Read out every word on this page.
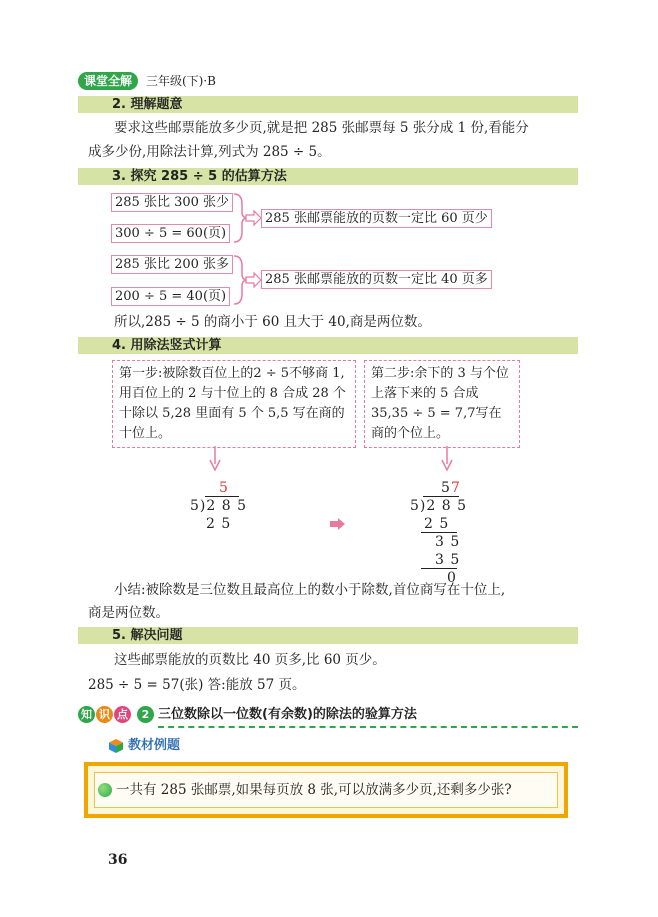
课堂全解	三年级(下)·B
2. 理解题意
要求这些邮票能放多少页,就是把 285 张邮票每 5 张分成 1 份,看能分
成多少份,用除法计算,列式为 285 ÷ 5。
3. 探究 285 ÷ 5 的估算方法
285 张比 300 张少
300 ÷ 5 = 60(页)
285 张邮票能放的页数一定比 60 页少
285 张比 200 张多
200 ÷ 5 = 40(页)
285 张邮票能放的页数一定比 40 页多
所以,285 ÷ 5 的商小于 60 且大于 40,商是两位数。
4. 用除法竖式计算
第一步:被除数百位上的2 ÷ 5不够商 1,用百位上的 2 与十位上的 8 合成 28 个十除以 5,28 里面有 5 个 5,5 写在商的十位上。
第二步:余下的 3 与个位上落下来的 5 合成35,35 ÷ 5 = 7,7写在商的个位上。
5
5)2 8 5
2 5
5 7
5)2 8 5
2 5
3 5
3 5
0
小结:被除数是三位数且最高位上的数小于除数,首位商写在十位上,
商是两位数。
5. 解决问题
这些邮票能放的页数比 40 页多,比 60 页少。
285 ÷ 5 = 57(张) 答:能放 57 页。
知 识 点	2 三位数除以一位数(有余数)的除法的验算方法
教材例题
一共有 285 张邮票,如果每页放 8 张,可以放满多少页,还剩多少张?
36
